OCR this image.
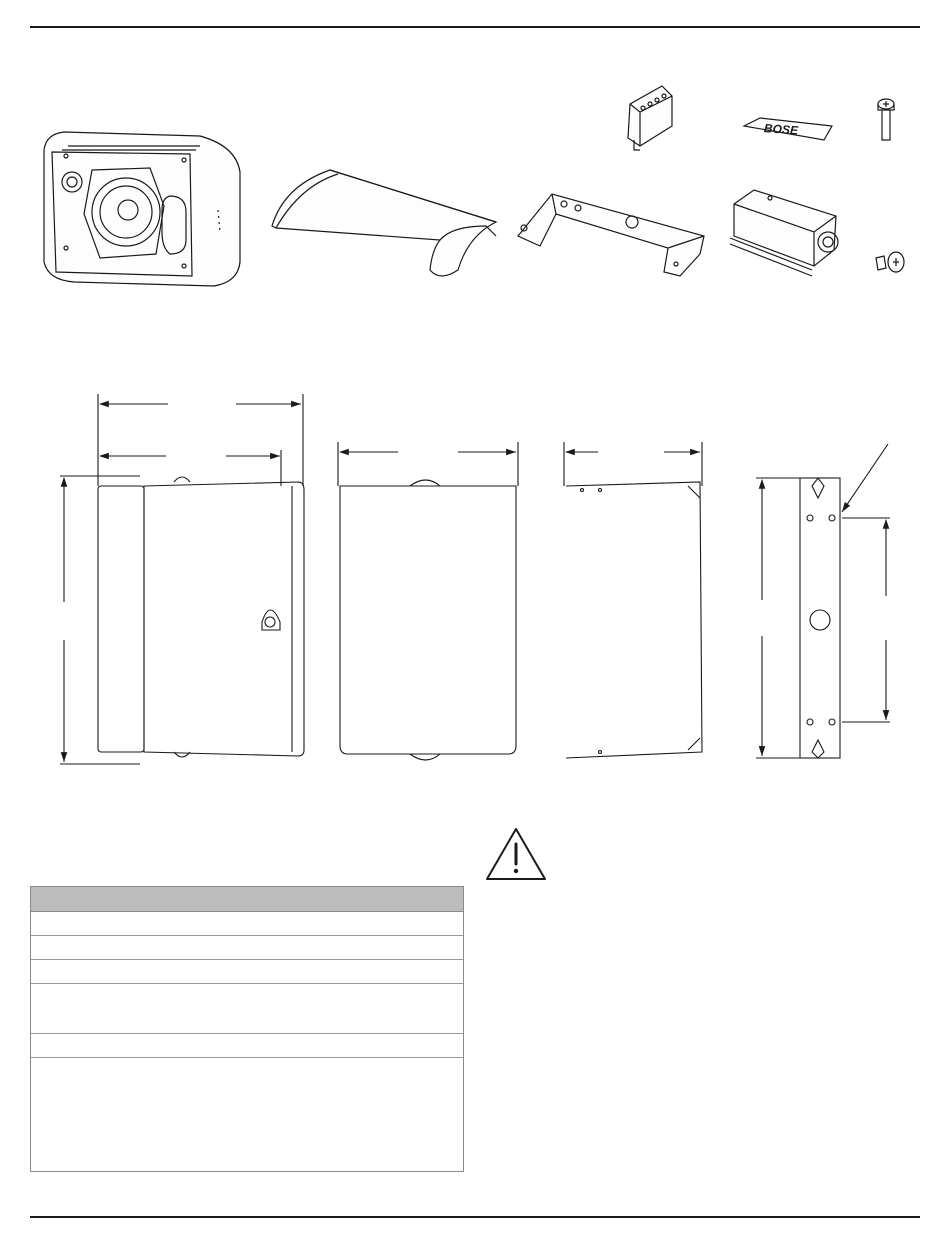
BOSE
